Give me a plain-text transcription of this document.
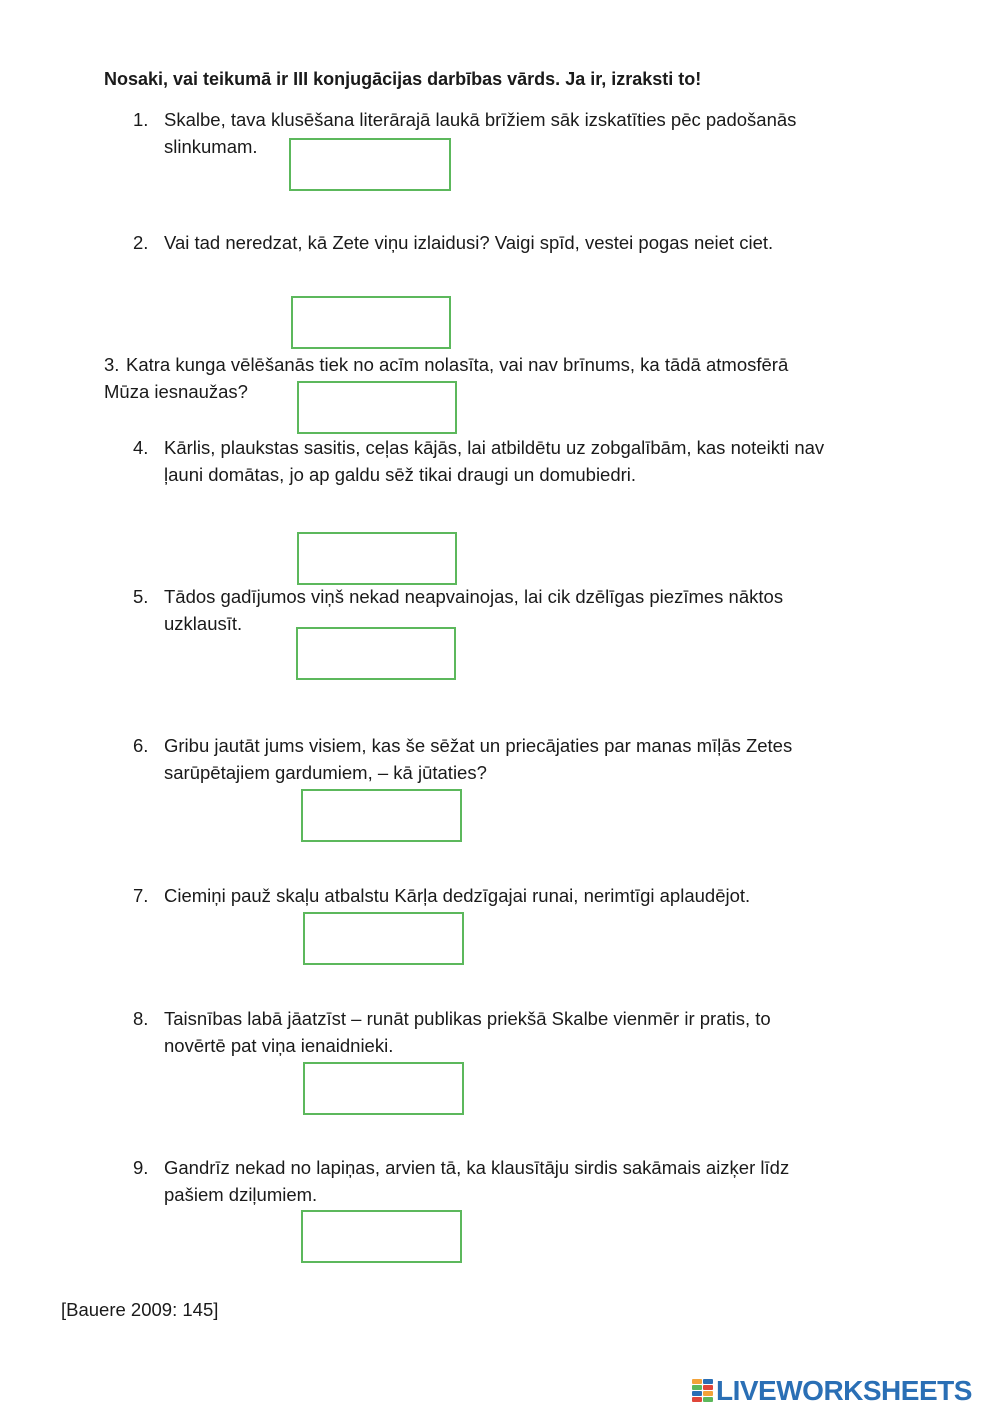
Nosaki, vai teikumā ir III konjugācijas darbības vārds. Ja ir, izraksti to!
1. Skalbe, tava klusēšana literārajā laukā brīžiem sāk izskatīties pēc padošanās
slinkumam.
2. Vai tad neredzat, kā Zete viņu izlaidusi? Vaigi spīd, vestei pogas neiet ciet.
3. Katra kunga vēlēšanās tiek no acīm nolasīta, vai nav brīnums, ka tādā atmosfērā
Mūza iesnaužas?
4. Kārlis, plaukstas sasitis, ceļas kājās, lai atbildētu uz zobgalībām, kas noteikti nav
ļauni domātas, jo ap galdu sēž tikai draugi un domubiedri.
5. Tādos gadījumos viņš nekad neapvainojas, lai cik dzēlīgas piezīmes nāktos
uzklausīt.
6. Gribu jautāt jums visiem, kas še sēžat un priecājaties par manas mīļās Zetes
sarūpētajiem gardumiem, – kā jūtaties?
7. Ciemiņi pauž skaļu atbalstu Kārļa dedzīgajai runai, nerimtīgi aplaudējot.
8. Taisnības labā jāatzīst – runāt publikas priekšā Skalbe vienmēr ir pratis, to
novērtē pat viņa ienaidnieki.
9. Gandrīz nekad no lapiņas, arvien tā, ka klausītāju sirdis sakāmais aizķer līdz
pašiem dziļumiem.
[Bauere 2009: 145]
LIVEWORKSHEETS
